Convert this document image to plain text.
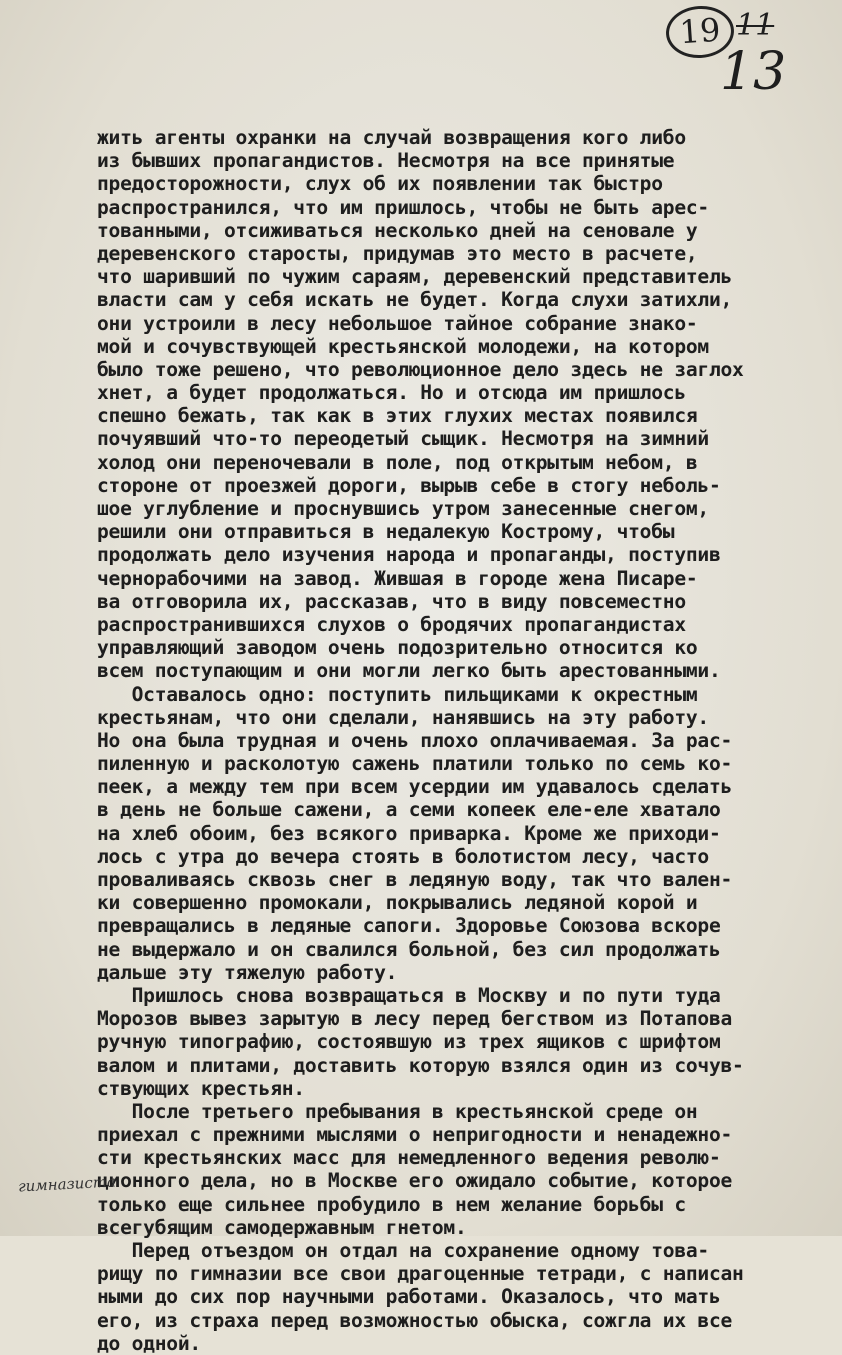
19 11
13
жить агенты охранки на случай возвращения кого либо
из бывших пропагандистов. Несмотря на все принятые
предосторожности, слух об их появлении так быстро
распространился, что им пришлось, чтобы не быть арес-
тованными, отсиживаться несколько дней на сеновале у
деревенского старосты, придумав это место в расчете,
что шаривший по чужим сараям, деревенский представитель
власти сам у себя искать не будет. Когда слухи затихли,
они устроили в лесу небольшое тайное собрание знако-
мой и сочувствующей крестьянской молодежи, на котором
было тоже решено, что революционное дело здесь не заглох
хнет, а будет продолжаться. Но и отсюда им пришлось
спешно бежать, так как в этих глухих местах появился
почуявший что-то переодетый сыщик. Несмотря на зимний
холод они переночевали в поле, под открытым небом, в
стороне от проезжей дороги, вырыв себе в стогу неболь-
шое углубление и проснувшись утром занесенные снегом,
решили они отправиться в недалекую Кострому, чтобы
продолжать дело изучения народа и пропаганды, поступив
чернорабочими на завод. Жившая в городе жена Писаре-
ва отговорила их, рассказав, что в виду повсеместно
распространившихся слухов о бродячих пропагандистах
управляющий заводом очень подозрительно относится ко
всем поступающим и они могли легко быть арестованными.
Оставалось одно: поступить пильщиками к окрестным
крестьянам, что они сделали, нанявшись на эту работу.
Но она была трудная и очень плохо оплачиваемая. За рас-
пиленную и расколотую сажень платили только по семь ко-
пеек, а между тем при всем усердии им удавалось сделать
в день не больше сажени, а семи копеек еле-еле хватало
на хлеб обоим, без всякого приварка. Кроме же приходи-
лось с утра до вечера стоять в болотистом лесу, часто
проваливаясь сквозь снег в ледяную воду, так что вален-
ки совершенно промокали, покрывались ледяной корой и
превращались в ледяные сапоги. Здоровье Союзова вскоре
не выдержало и он свалился больной, без сил продолжать
дальше эту тяжелую работу.
Пришлось снова возвращаться в Москву и по пути туда
Морозов вывез зарытую в лесу перед бегством из Потапова
ручную типографию, состоявшую из трех ящиков с шрифтом
валом и плитами, доставить которую взялся один из сочув-
ствующих крестьян.
После третьего пребывания в крестьянской среде он
приехал с прежними мыслями о непригодности и ненадежно-
сти крестьянских масс для немедленного ведения револю-
ционного дела, но в Москве его ожидало событие, которое
только еще сильнее пробудило в нем желание борьбы с
всегубящим самодержавным гнетом.
Перед отъездом он отдал на сохранение одному това-
рищу по гимназии все свои драгоценные тетради, с написан
ными до сих пор научными работами. Оказалось, что мать
его, из страха перед возможностью обыска, сожгла их все
до одной.
гимназиста
